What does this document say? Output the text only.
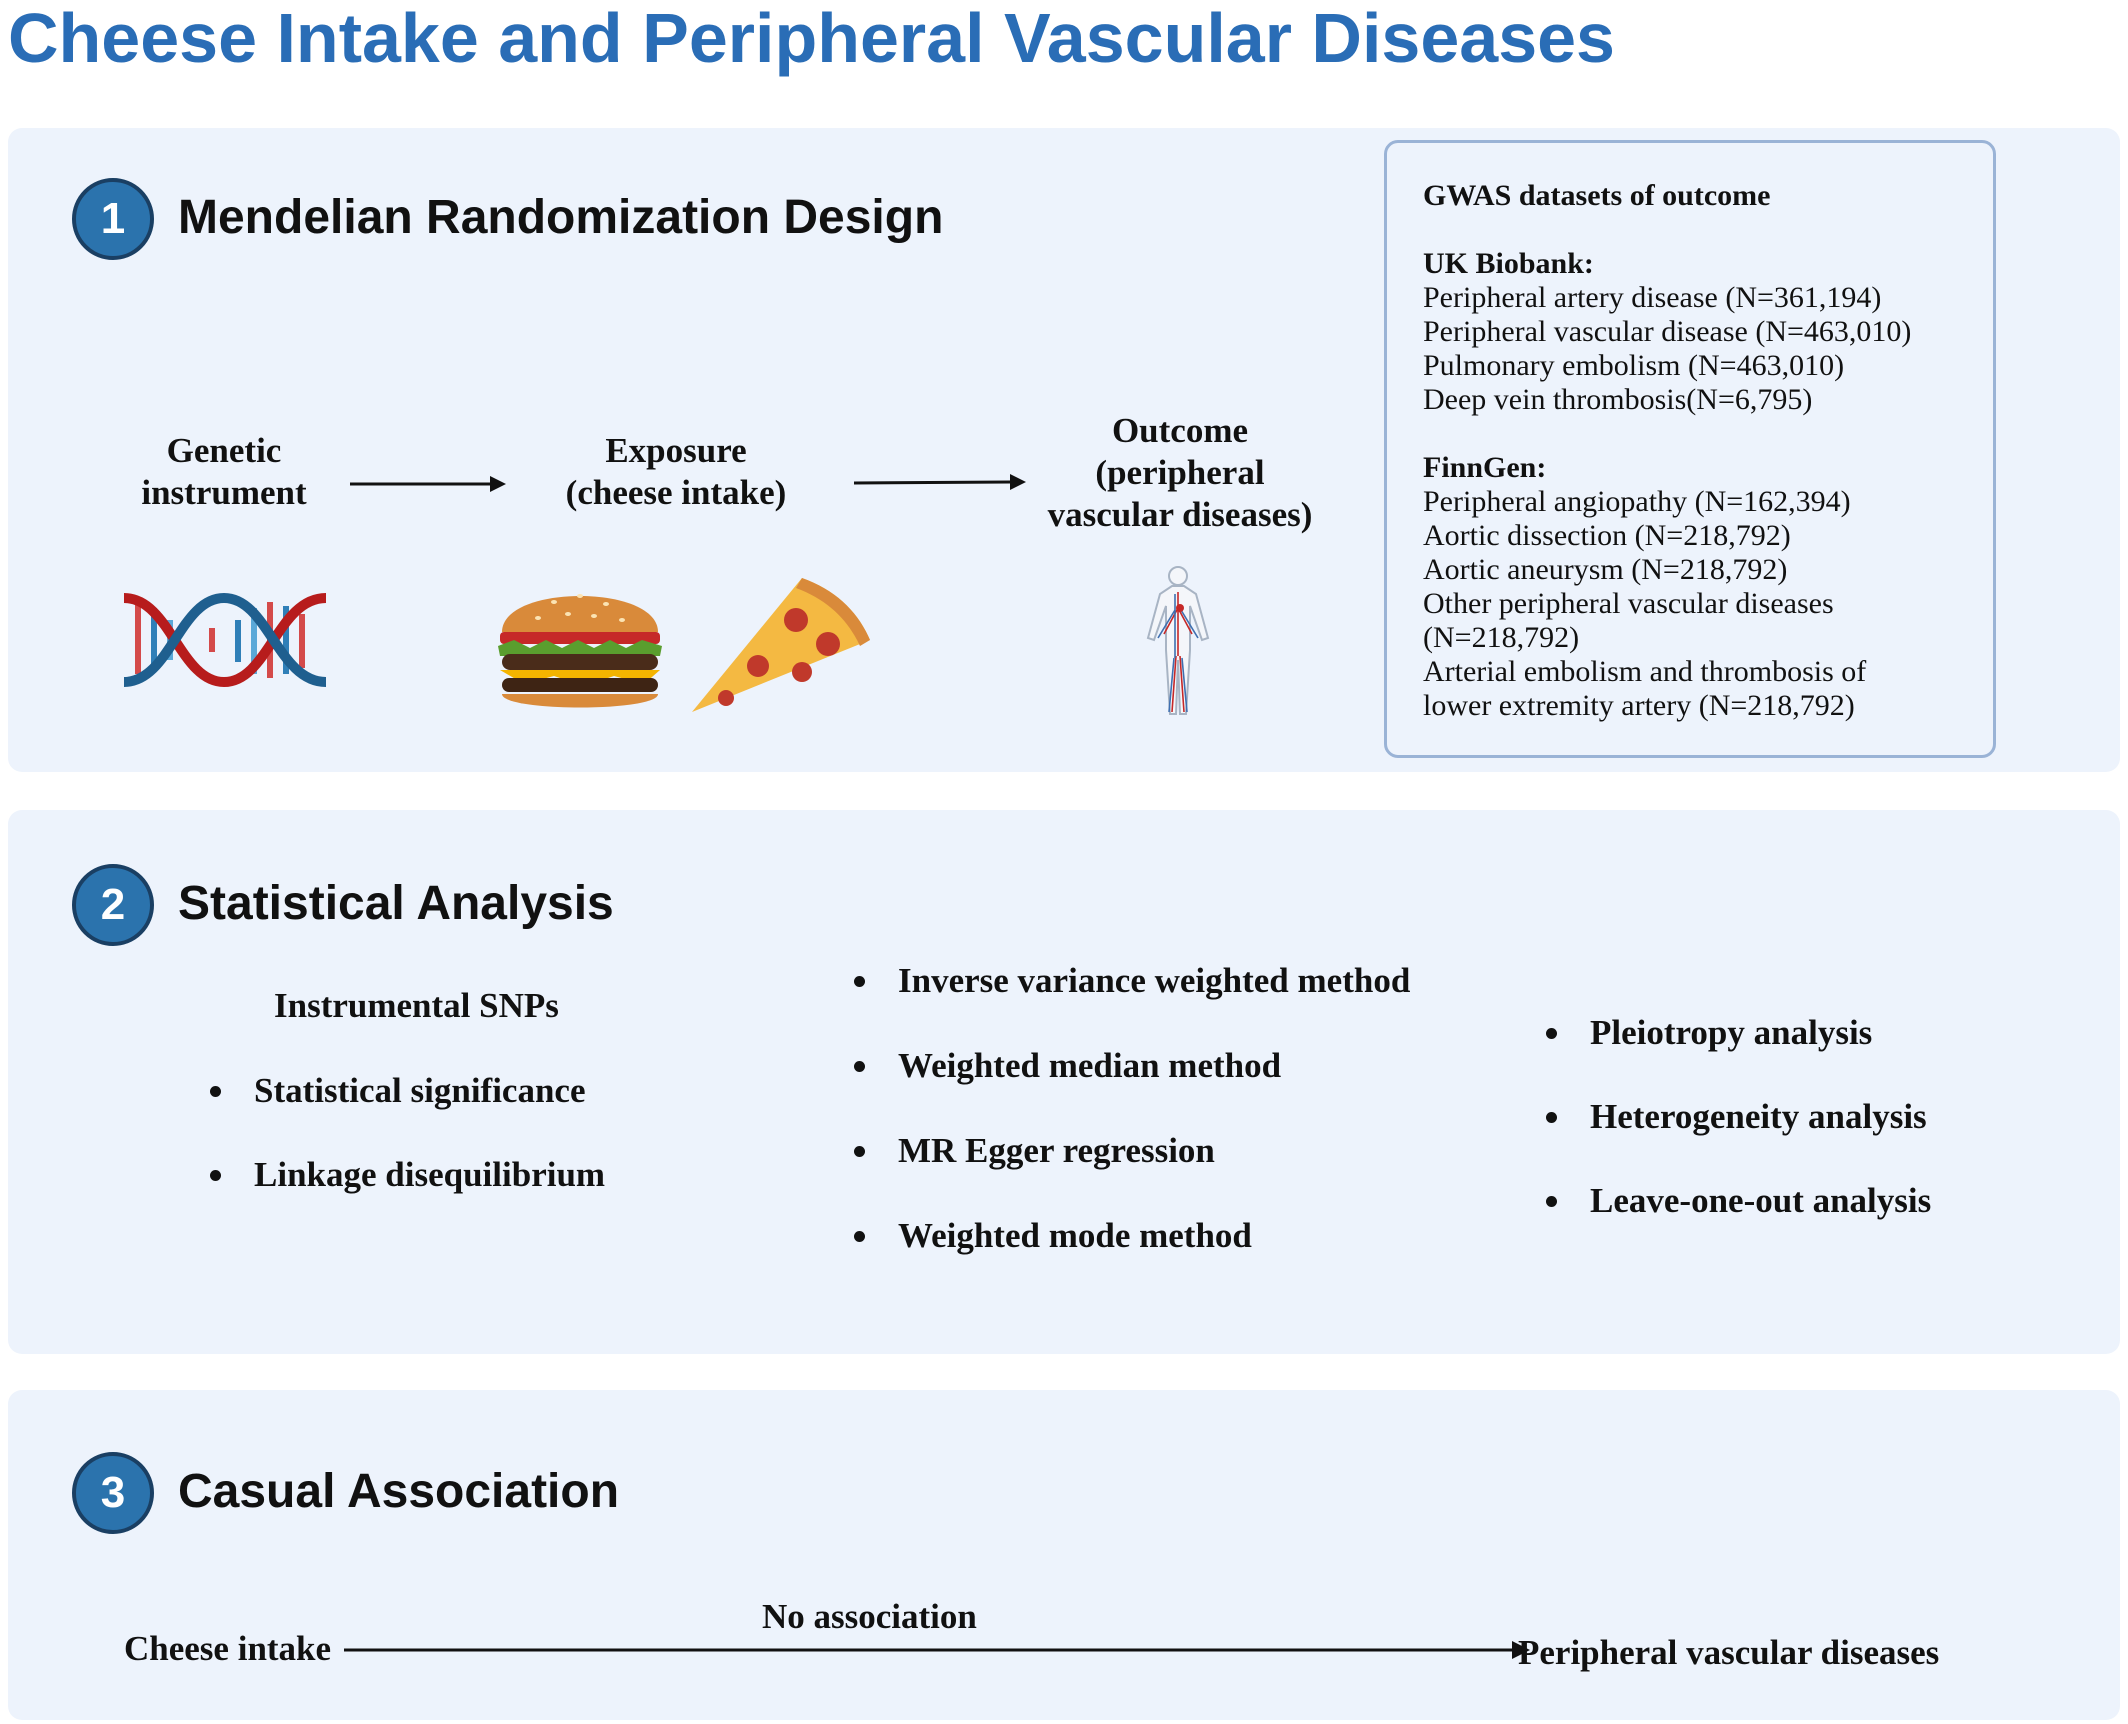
Cheese Intake and Peripheral Vascular Diseases
1	Mendelian Randomization Design
Genetic
instrument
Exposure
(cheese intake)
Outcome
(peripheral
vascular diseases)
GWAS datasets of outcome
UK Biobank:
Peripheral artery disease (N=361,194)
Peripheral vascular disease (N=463,010)
Pulmonary embolism (N=463,010)
Deep vein thrombosis(N=6,795)
FinnGen:
Peripheral angiopathy (N=162,394)
Aortic dissection (N=218,792)
Aortic aneurysm (N=218,792)
Other peripheral vascular diseases
(N=218,792)
Arterial embolism and thrombosis of
lower extremity artery (N=218,792)
2	Statistical Analysis
Instrumental SNPs
Statistical significance
Linkage disequilibrium
Inverse variance weighted method
Weighted median method
MR Egger regression
Weighted mode method
Pleiotropy analysis
Heterogeneity analysis
Leave-one-out analysis
3	Casual Association
Cheese intake
No association
Peripheral vascular diseases
